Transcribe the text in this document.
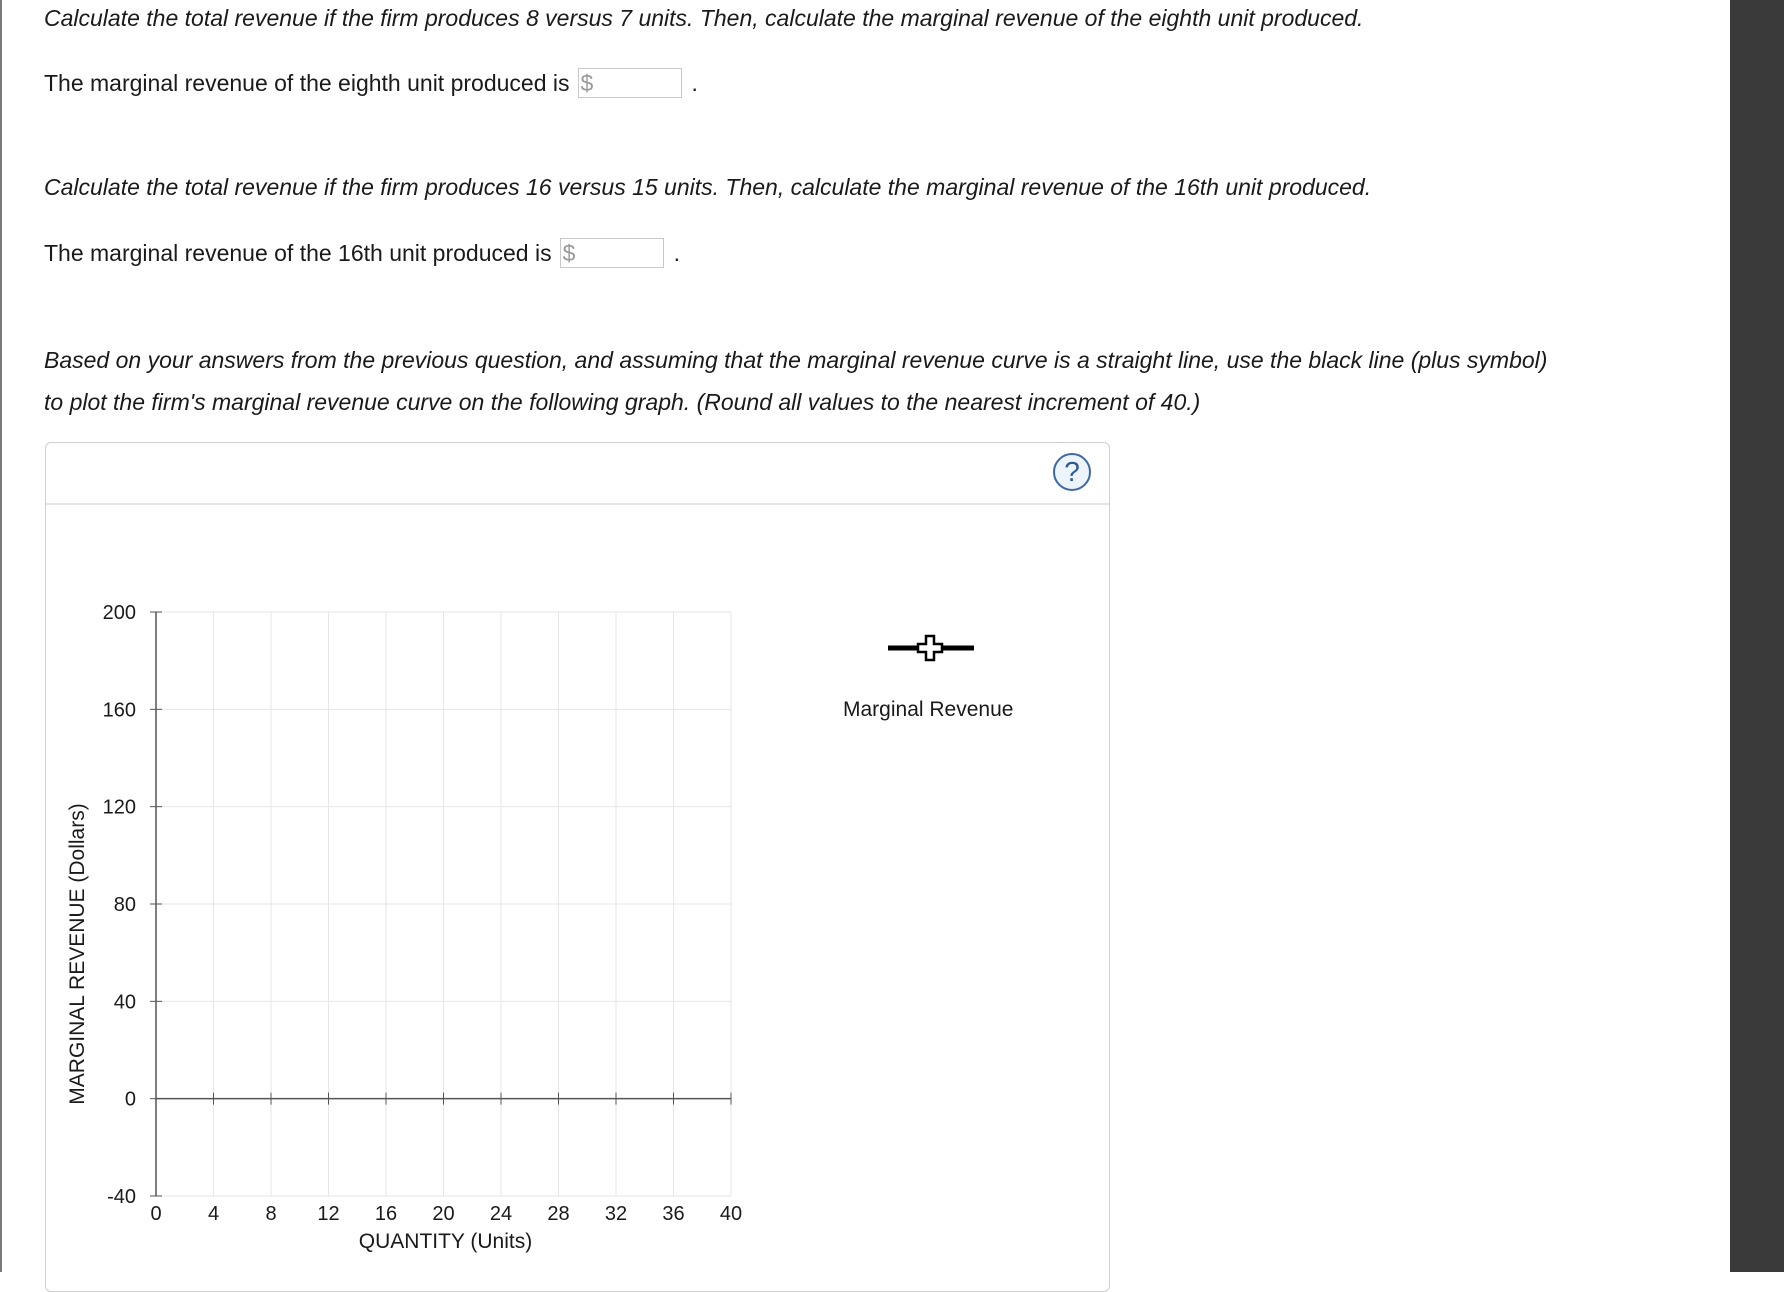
Calculate the total revenue if the firm produces 8 versus 7 units. Then, calculate the marginal revenue of the eighth unit produced.

The marginal revenue of the eighth unit produced is $	.

Calculate the total revenue if the firm produces 16 versus 15 units. Then, calculate the marginal revenue of the 16th unit produced.

The marginal revenue of the 16th unit produced is $	.

Based on your answers from the previous question, and assuming that the marginal revenue curve is a straight line, use the black line (plus symbol)

to plot the firm's marginal revenue curve on the following graph. (Round all values to the nearest increment of 40.)

?
-40
0
40
80
120
160
200
0 4 8 12 16 20 24 28 32 36 40
QUANTITY (Units)
MARGINAL REVENUE (Dollars)
Marginal Revenue
